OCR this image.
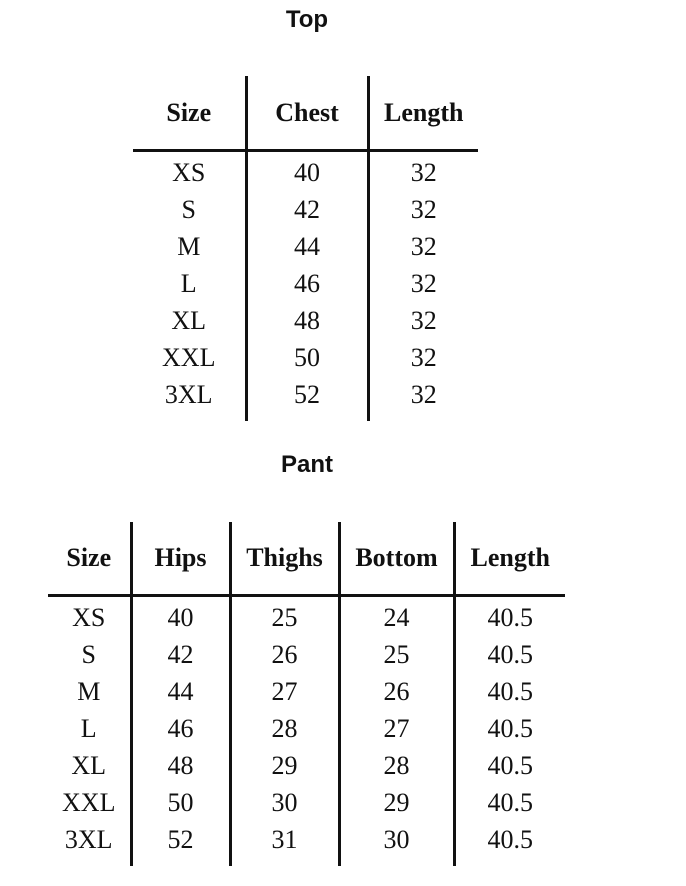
Top
Size	Chest	Length
XS	40	32
S	42	32
M	44	32
L	46	32
XL	48	32
XXL	50	32
3XL	52	32
Pant
Size	Hips	Thighs	Bottom	Length
XS	40	25	24	40.5
S	42	26	25	40.5
M	44	27	26	40.5
L	46	28	27	40.5
XL	48	29	28	40.5
XXL	50	30	29	40.5
3XL	52	31	30	40.5
